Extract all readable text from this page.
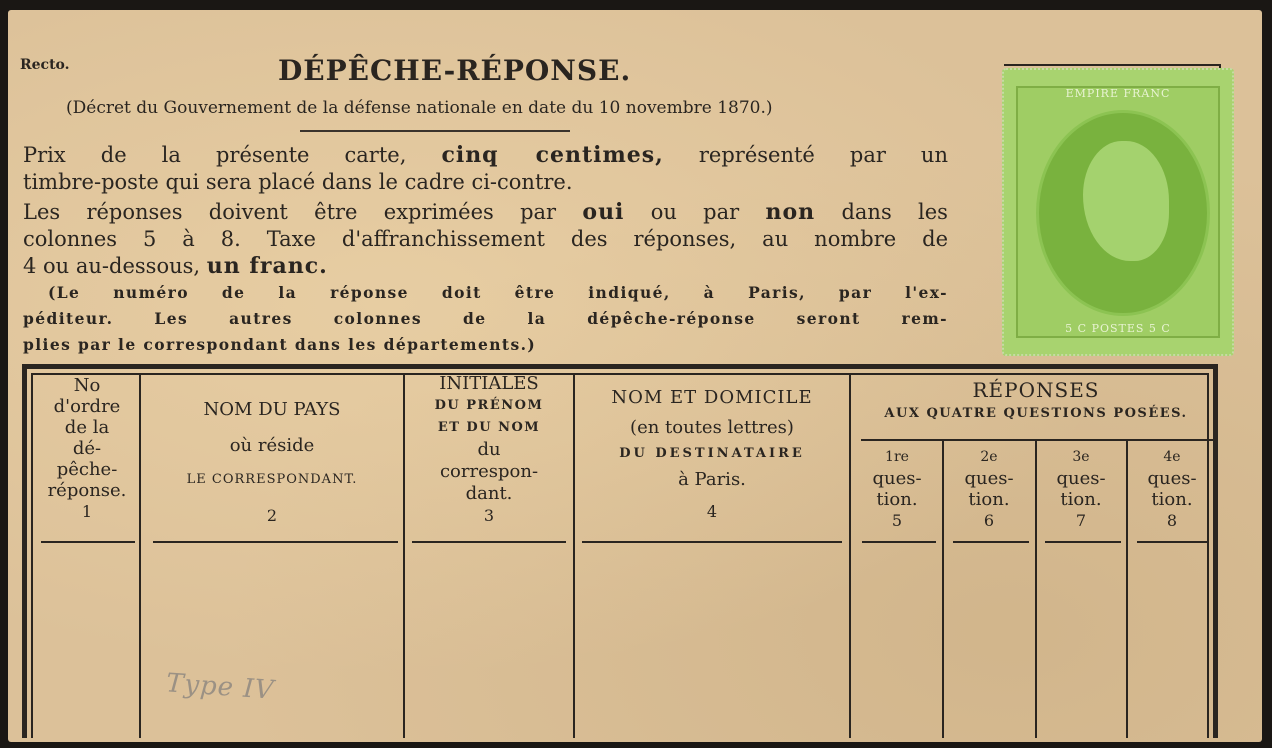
Recto.	DÉPÊCHE-RÉPONSE.
(Décret du Gouvernement de la défense nationale en date du 10 novembre 1870.)
Prix de la présente carte, cinq centimes, représenté par un
timbre-poste qui sera placé dans le cadre ci-contre.
Les réponses doivent être exprimées par oui ou par non dans les
colonnes 5 à 8. Taxe d'affranchissement des réponses, au nombre de
4 ou au-dessous, un franc.
(Le numéro de la réponse doit être indiqué, à Paris, par l'ex-
péditeur. Les autres colonnes de la dépêche-réponse seront rem-
plies par le correspondant dans les départements.)
EMPIRE FRANC
5 C POSTES 5 C
No
d'ordre
de la
dé-
pêche-
réponse.
1
NOM DU PAYS
où réside
LE CORRESPONDANT.
2
INITIALES
DU PRÉNOM
ET DU NOM
du
correspon-
dant.
3
NOM ET DOMICILE
(en toutes lettres)
DU DESTINATAIRE
à Paris.
4
RÉPONSES
AUX QUATRE QUESTIONS POSÉES.
1re
ques-
tion.
5
2e
ques-
tion.
6
3e
ques-
tion.
7
4e
ques-
tion.
8
Type IV
